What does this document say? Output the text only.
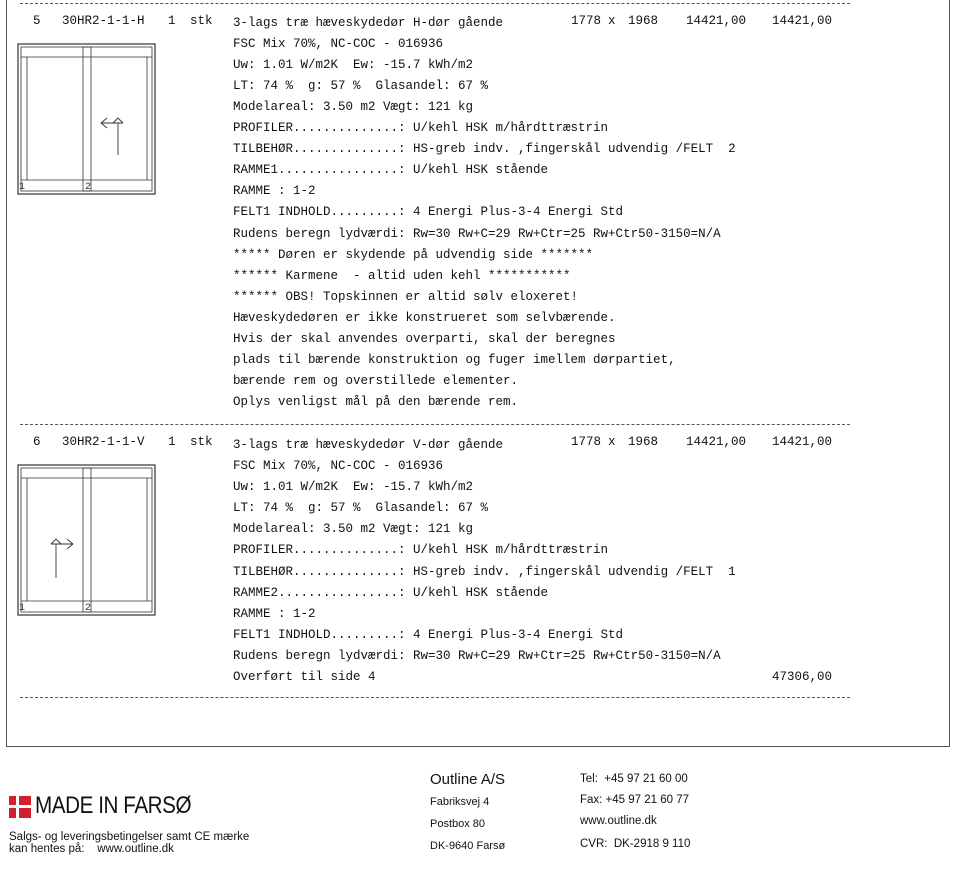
5 30HR2-1-1-H 1 stk	1778 x 1968 14421,00 14421,00
1	2
3-lags træ hæveskydedør H-dør gående
FSC Mix 70%, NC-COC - 016936
Uw: 1.01 W/m2K  Ew: -15.7 kWh/m2
LT: 74 %  g: 57 %  Glasandel: 67 %
Modelareal: 3.50 m2 Vægt: 121 kg
PROFILER..............: U/kehl HSK m/hårdttræstrin
TILBEHØR..............: HS-greb indv. ,fingerskål udvendig /FELT  2
RAMME1................: U/kehl HSK stående
RAMME : 1-2
FELT1 INDHOLD.........: 4 Energi Plus-3-4 Energi Std
Rudens beregn lydværdi: Rw=30 Rw+C=29 Rw+Ctr=25 Rw+Ctr50-3150=N/A
***** Døren er skydende på udvendig side *******
****** Karmene  - altid uden kehl ***********
****** OBS! Topskinnen er altid sølv eloxeret!
Hæveskydedøren er ikke konstrueret som selvbærende.
Hvis der skal anvendes overparti, skal der beregnes
plads til bærende konstruktion og fuger imellem dørpartiet,
bærende rem og overstillede elementer.
Oplys venligst mål på den bærende rem.
6 30HR2-1-1-V 1 stk	1778 x 1968 14421,00 14421,00
1	2
3-lags træ hæveskydedør V-dør gående
FSC Mix 70%, NC-COC - 016936
Uw: 1.01 W/m2K  Ew: -15.7 kWh/m2
LT: 74 %  g: 57 %  Glasandel: 67 %
Modelareal: 3.50 m2 Vægt: 121 kg
PROFILER..............: U/kehl HSK m/hårdttræstrin
TILBEHØR..............: HS-greb indv. ,fingerskål udvendig /FELT  1
RAMME2................: U/kehl HSK stående
RAMME : 1-2
FELT1 INDHOLD.........: 4 Energi Plus-3-4 Energi Std
Rudens beregn lydværdi: Rw=30 Rw+C=29 Rw+Ctr=25 Rw+Ctr50-3150=N/A
Overført til side 4	47306,00
MADE IN FARSØ
Salgs- og leveringsbetingelser samt CE mærke
kan hentes på:    www.outline.dk
Outline A/S
Fabriksvej 4
Postbox 80
DK-9640 Farsø
Tel:  +45 97 21 60 00
Fax: +45 97 21 60 77
www.outline.dk
CVR:  DK-2918 9 110
